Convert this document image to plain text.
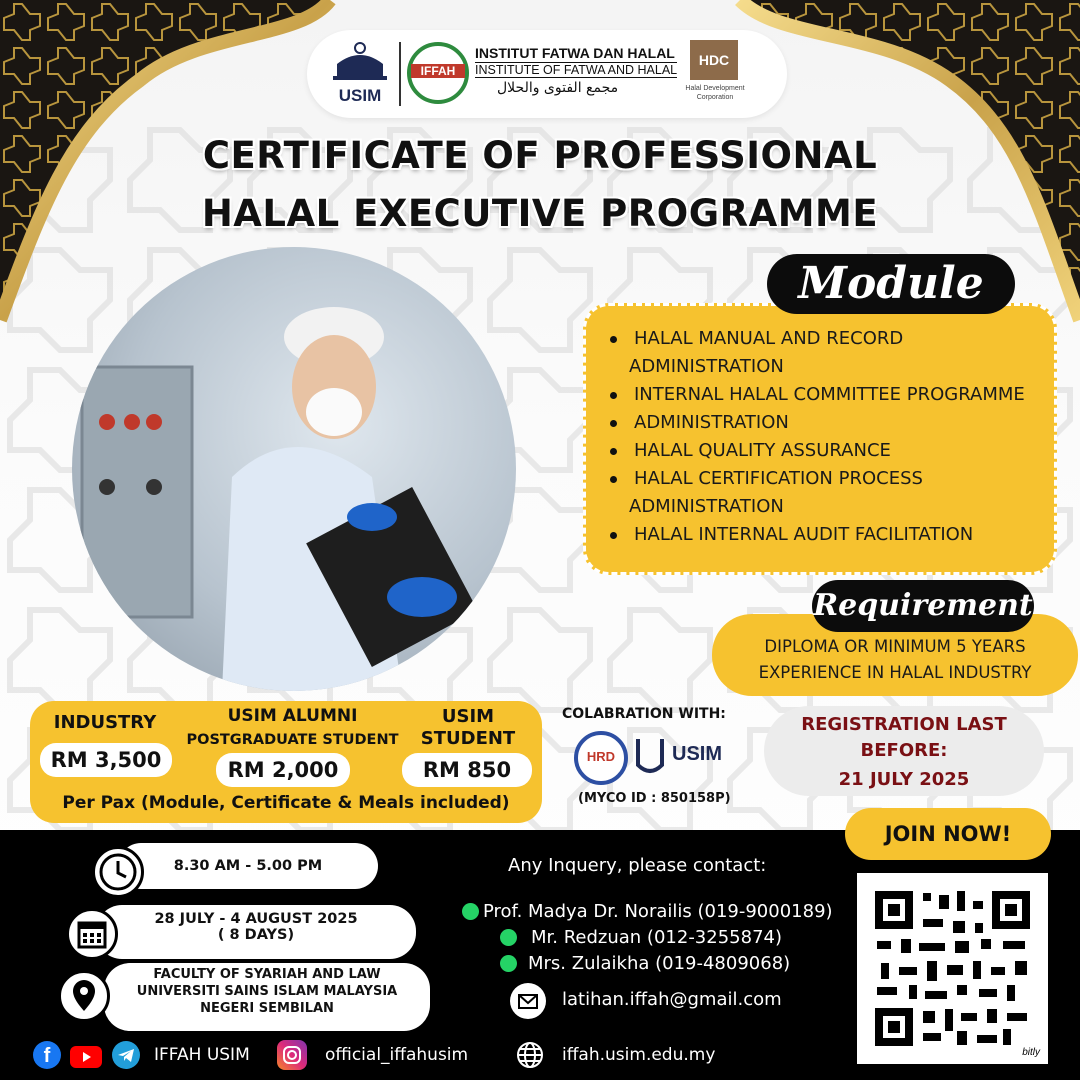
USIM
IFFAH
INSTITUT FATWA DAN HALAL
INSTITUTE OF FATWA AND HALAL
مجمع الفتوى والحلال
HDC
Halal Development Corporation
CERTIFICATE OF PROFESSIONAL
HALAL EXECUTIVE PROGRAMME
Module
HALAL MANUAL AND RECORD
ADMINISTRATION
INTERNAL HALAL COMMITTEE PROGRAMME
ADMINISTRATION
HALAL QUALITY ASSURANCE
HALAL CERTIFICATION PROCESS
ADMINISTRATION
HALAL INTERNAL AUDIT FACILITATION
Requirement
DIPLOMA OR MINIMUM 5 YEARS
EXPERIENCE IN HALAL INDUSTRY
INDUSTRY
RM 3,500
USIM ALUMNI
POSTGRADUATE STUDENT
RM 2,000
USIM
STUDENT
RM 850
Per Pax (Module, Certificate & Meals included)
COLABRATION WITH:
HRD	USIM
(MYCO ID : 850158P)
REGISTRATION LAST
BEFORE:
21 JULY 2025
JOIN NOW!
8.30 AM - 5.00 PM
28 JULY - 4 AUGUST 2025
( 8 DAYS)
FACULTY OF SYARIAH AND LAW
UNIVERSITI SAINS ISLAM MALAYSIA
NEGERI SEMBILAN
Any Inquery, please contact:
Prof. Madya Dr. Norailis (019-9000189)
Mr. Redzuan (012-3255874)
Mrs. Zulaikha (019-4809068)
latihan.iffah@gmail.com
bitly
f	IFFAH USIM	official_iffahusim	iffah.usim.edu.my
